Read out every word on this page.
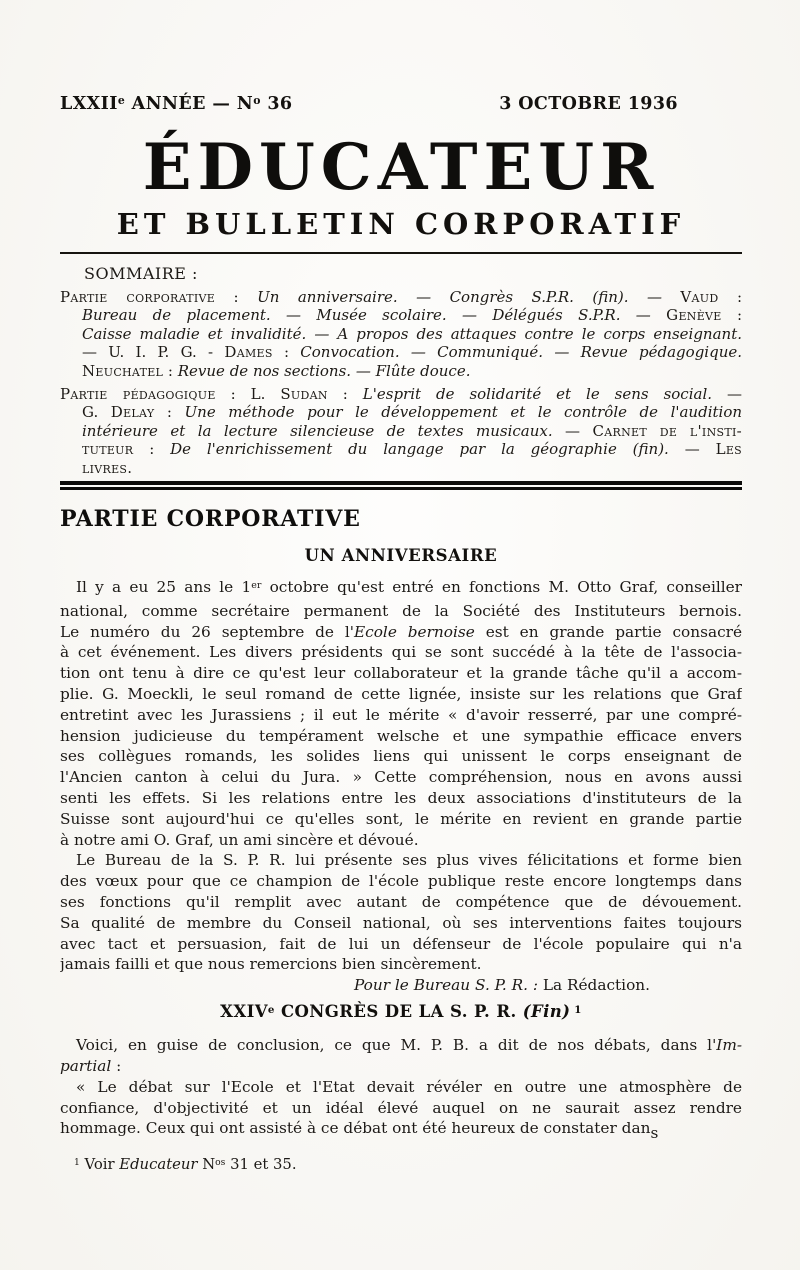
LXXIIe ANNÉE — $N^o$ 36	3 OCTOBRE 1936
ÉDUCATEUR
ET BULLETIN CORPORATIF
SOMMAIRE :
Partie corporative : Un anniversaire. — Congrès S.P.R. (fin). — Vaud :
Bureau de placement. — Musée scolaire. — Délégués S.P.R. — Genève :
Caisse maladie et invalidité. — A propos des attaques contre le corps enseignant.
— U. I. P. G. - Dames : Convocation. — Communiqué. — Revue pédagogique.
Neuchatel : Revue de nos sections. — Flûte douce.
Partie pédagogique : L. Sudan : L'esprit de solidarité et le sens social. —
G. Delay : Une méthode pour le développement et le contrôle de l'audition
intérieure et la lecture silencieuse de textes musicaux. — Carnet de l'insti-
tuteur : De l'enrichissement du langage par la géographie (fin). — Les
livres.
PARTIE CORPORATIVE
UN ANNIVERSAIRE
Il y a eu 25 ans le 1er octobre qu'est entré en fonctions M. Otto Graf, conseiller
national, comme secrétaire permanent de la Société des Instituteurs bernois.
Le numéro du 26 septembre de l'Ecole bernoise est en grande partie consacré
à cet événement. Les divers présidents qui se sont succédé à la tête de l'associa-
tion ont tenu à dire ce qu'est leur collaborateur et la grande tâche qu'il a accom-
plie. G. Moeckli, le seul romand de cette lignée, insiste sur les relations que Graf
entretint avec les Jurassiens ; il eut le mérite « d'avoir resserré, par une compré-
hension judicieuse du tempérament welsche et une sympathie efficace envers
ses collègues romands, les solides liens qui unissent le corps enseignant de
l'Ancien canton à celui du Jura. » Cette compréhension, nous en avons aussi
senti les effets. Si les relations entre les deux associations d'instituteurs de la
Suisse sont aujourd'hui ce qu'elles sont, le mérite en revient en grande partie
à notre ami O. Graf, un ami sincère et dévoué.
Le Bureau de la S. P. R. lui présente ses plus vives félicitations et forme bien
des vœux pour que ce champion de l'école publique reste encore longtemps dans
ses fonctions qu'il remplit avec autant de compétence que de dévouement.
Sa qualité de membre du Conseil national, où ses interventions faites toujours
avec tact et persuasion, fait de lui un défenseur de l'école populaire qui n'a
jamais failli et que nous remercions bien sincèrement.
Pour le Bureau S. P. R. : La Rédaction.
XXIVe CONGRÈS DE LA S. P. R. (Fin) $^1$
Voici, en guise de conclusion, ce que M. P. B. a dit de nos débats, dans l'Im-
partial :
« Le débat sur l'Ecole et l'Etat devait révéler en outre une atmosphère de
confiance, d'objectivité et un idéal élevé auquel on ne saurait assez rendre
hommage. Ceux qui ont assisté à ce débat ont été heureux de constater dans
$^1$ Voir Educateur $N^{os}$ 31 et 35.
